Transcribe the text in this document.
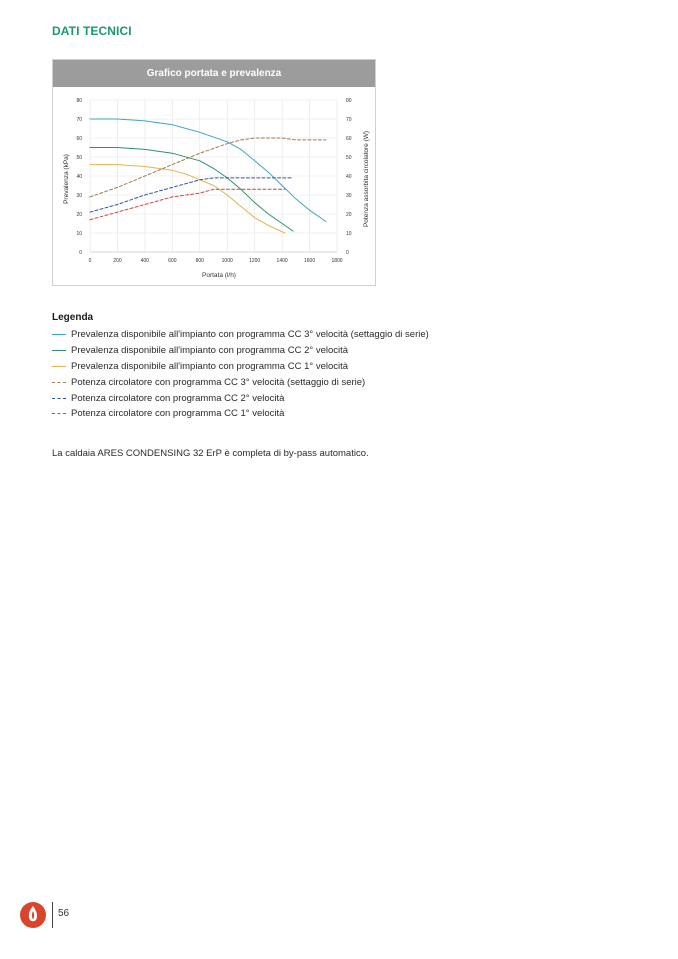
DATI TECNICI
Grafico portata e prevalenza
0	200	400	600	800	1000	1200	1400	1600	1800
0
10
20
30
40
50
60
70
80
0
10
20
30
40
50
60
70
80
Portata (l/h)
Prevalenza (kPa)	Potenza assorbita circolatore (W)
Legenda
Prevalenza disponibile all'impianto con programma CC 3° velocità (settaggio di serie)
Prevalenza disponibile all'impianto con programma CC 2° velocità
Prevalenza disponibile all'impianto con programma CC 1° velocità
Potenza circolatore con programma CC 3° velocità (settaggio di serie)
Potenza circolatore con programma CC 2° velocità
Potenza circolatore con programma CC 1° velocità
La caldaia ARES CONDENSING 32 ErP è completa di by-pass automatico.
56
